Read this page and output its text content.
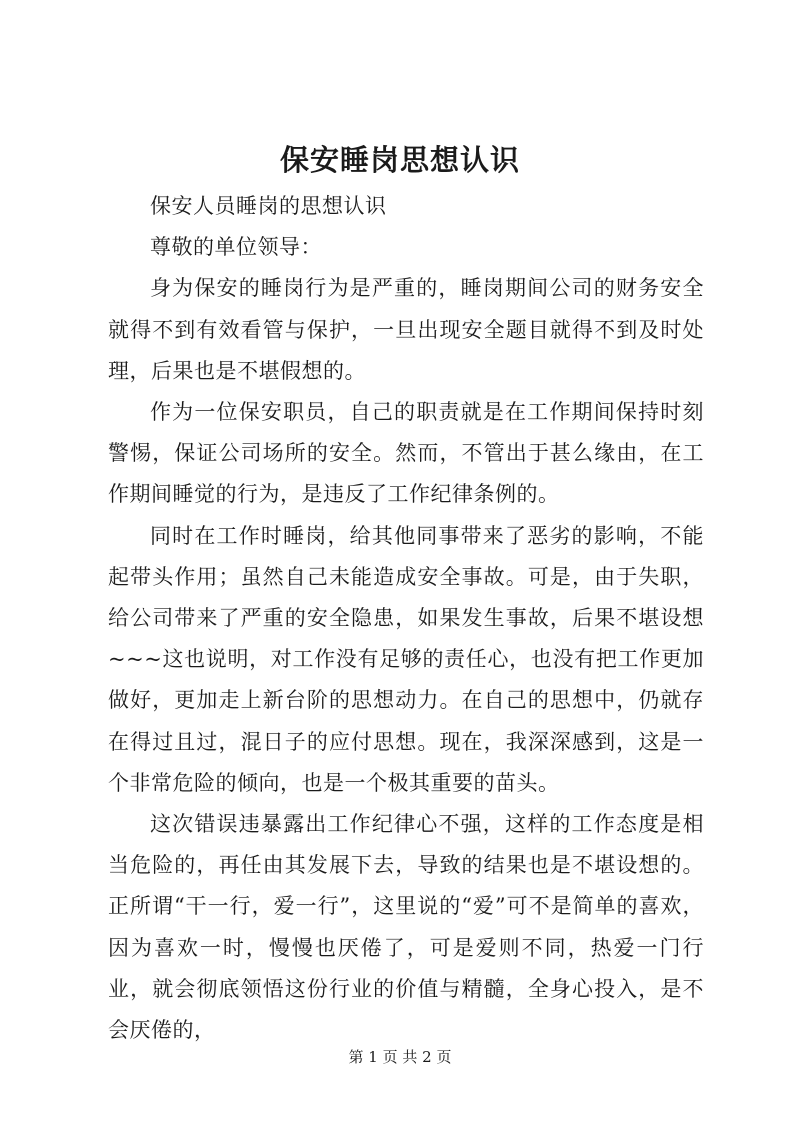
保安睡岗思想认识

保安人员睡岗的思想认识

尊敬的单位领导：

身为保安的睡岗行为是严重的，睡岗期间公司的财务安全就得不到有效看管与保护，一旦出现安全题目就得不到及时处理，后果也是不堪假想的。

作为一位保安职员，自己的职责就是在工作期间保持时刻警惕，保证公司场所的安全。然而，不管出于甚么缘由，在工作期间睡觉的行为，是违反了工作纪律条例的。

同时在工作时睡岗，给其他同事带来了恶劣的影响，不能起带头作用；虽然自己未能造成安全事故。可是，由于失职，给公司带来了严重的安全隐患，如果发生事故，后果不堪设想~~~这也说明，对工作没有足够的责任心，也没有把工作更加做好，更加走上新台阶的思想动力。在自己的思想中，仍就存在得过且过，混日子的应付思想。现在，我深深感到，这是一个非常危险的倾向，也是一个极其重要的苗头。

这次错误违暴露出工作纪律心不强，这样的工作态度是相当危险的，再任由其发展下去，导致的结果也是不堪设想的。正所谓“干一行，爱一行”，这里说的“爱”可不是简单的喜欢，因为喜欢一时，慢慢也厌倦了，可是爱则不同，热爱一门行业，就会彻底领悟这份行业的价值与精髓，全身心投入，是不会厌倦的，

第 1 页 共 2 页
